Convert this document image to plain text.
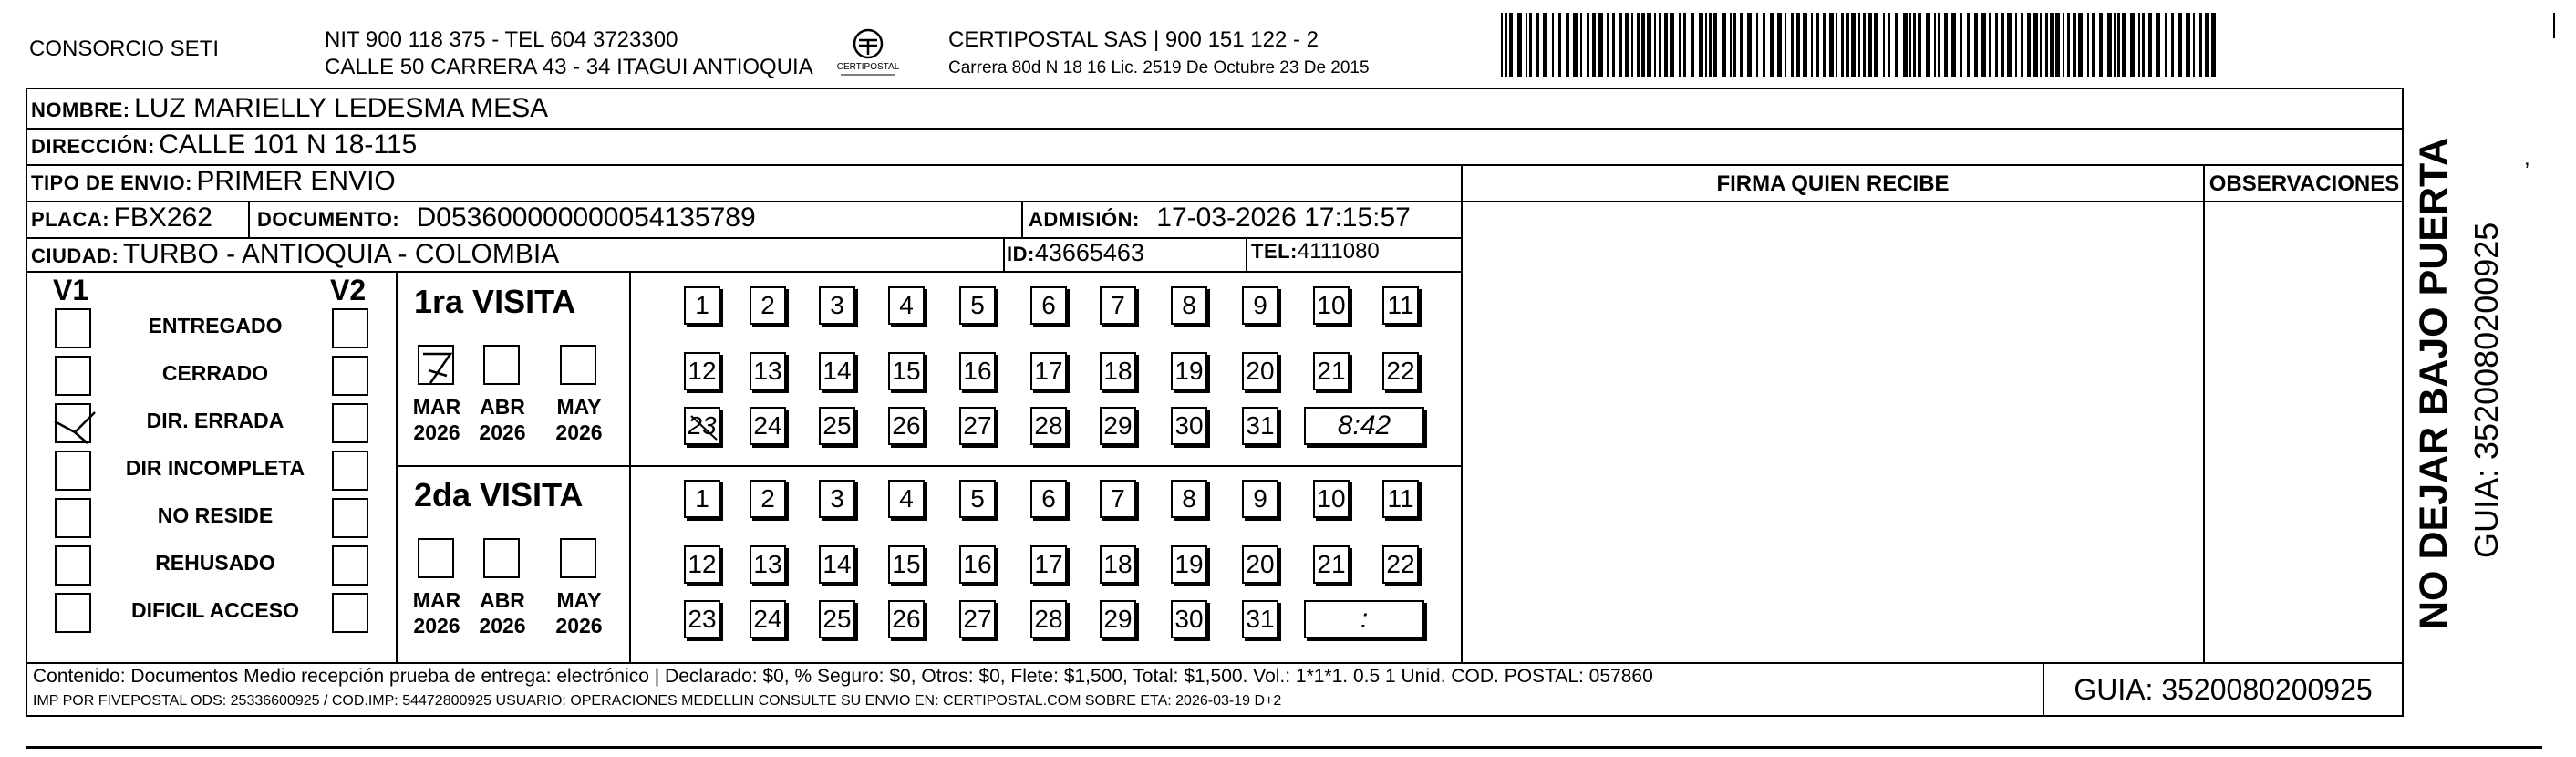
CONSORCIO SETI	NIT 900 118 375 - TEL 604 3723300
CALLE 50 CARRERA 43 - 34 ITAGUI ANTIOQUIA	CERTIPOSTAL
CERTIPOSTAL SAS | 900 151 122 - 2
Carrera 80d N 18 16 Lic. 2519 De Octubre 23 De 2015
NOMBRE: LUZ MARIELLY LEDESMA MESA
DIRECCIÓN: CALLE 101 N 18-115
TIPO DE ENVIO: PRIMER ENVIO
PLACA: FBX262 DOCUMENTO: D053600000000054135789	ADMISIÓN: 17-03-2026 17:15:57
CIUDAD: TURBO - ANTIOQUIA - COLOMBIA	ID:43665463	TEL:4111080
FIRMA QUIEN RECIBE	OBSERVACIONES
V1	V2
ENTREGADO
CERRADO
DIR. ERRADA
DIR INCOMPLETA
NO RESIDE
REHUSADO
DIFICIL ACCESO
1ra VISITA
MAR
2026
ABR
2026
MAY
2026
1	2	3	4	5	6	7	8	9	10 11
12 13 14 15 16 17 18 19 20 21 22
23 24 25 26 27 28 29 30 31	8:42
2da VISITA
MAR
2026
ABR
2026
MAY
2026
1	2	3	4	5	6	7	8	9	10 11
12 13 14 15 16 17 18 19 20 21 22
23 24 25 26 27 28 29 30 31	:
Contenido: Documentos Medio recepción prueba de entrega: electrónico | Declarado: $0, % Seguro: $0, Otros: $0, Flete: $1,500, Total: $1,500. Vol.: 1*1*1. 0.5 1 Unid. COD. POSTAL: 057860
IMP POR FIVEPOSTAL ODS: 25336600925 / COD.IMP: 54472800925 USUARIO: OPERACIONES MEDELLIN CONSULTE SU ENVIO EN: CERTIPOSTAL.COM SOBRE ETA: 2026-03-19 D+2	GUIA: 3520080200925
NO DEJAR BAJO PUERTA GUIA: 3520080200925
,
